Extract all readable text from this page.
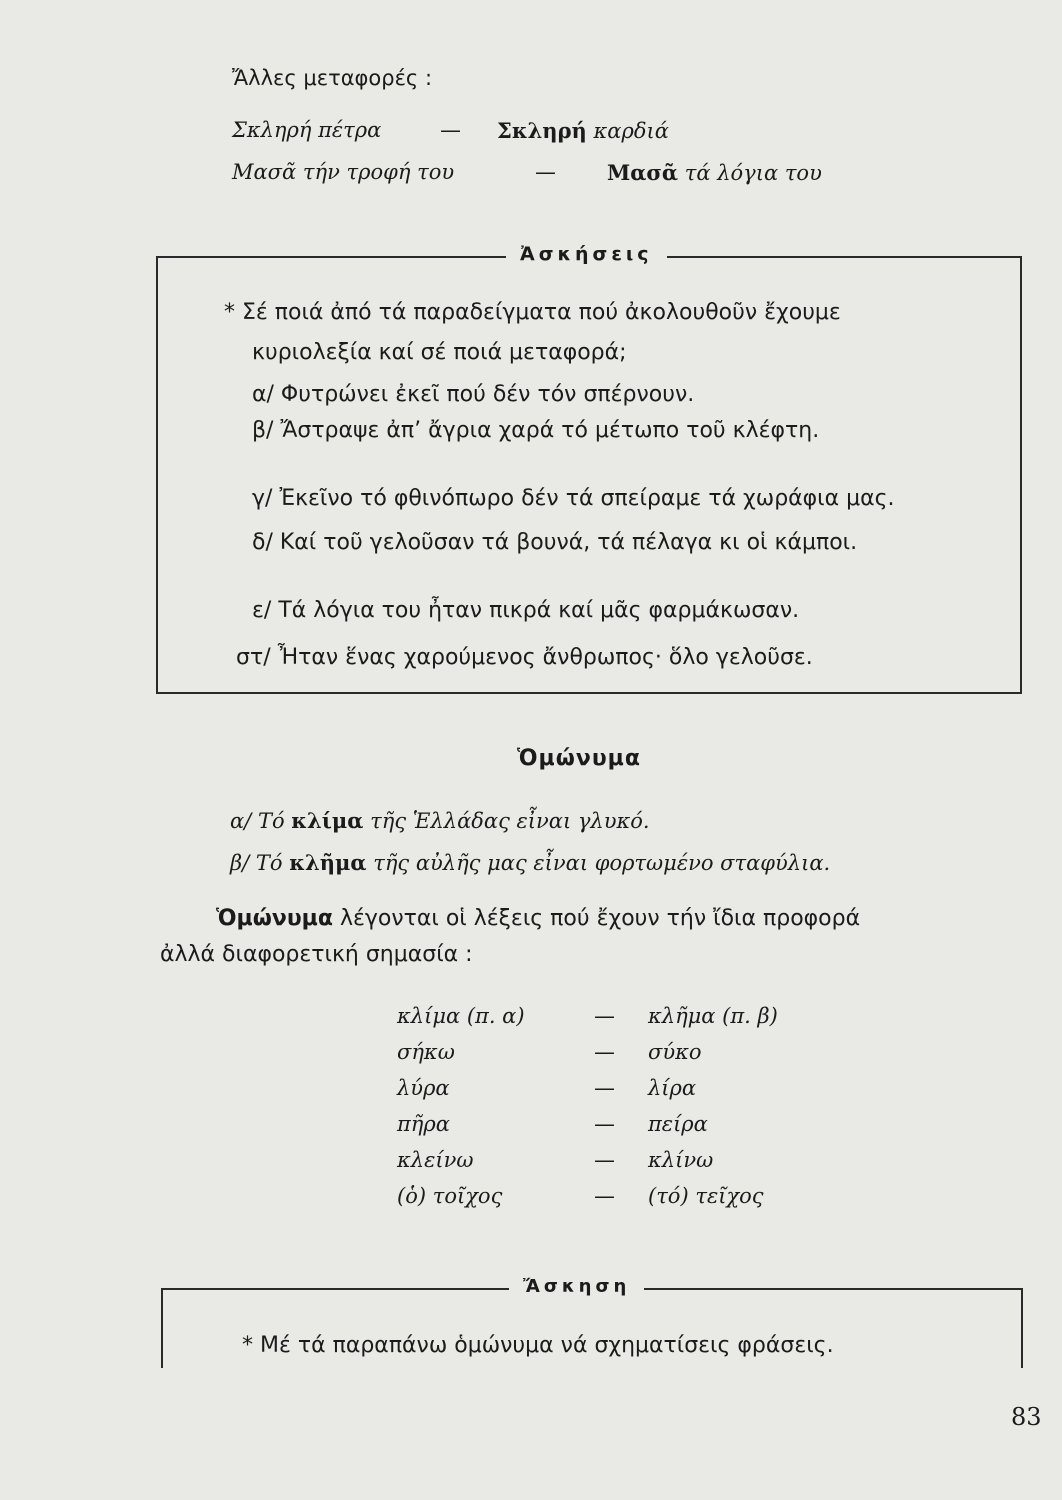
Ἄλλες μεταφορές :
Σκληρή πέτρα	— Σκληρή καρδιά
Μασᾶ τήν τροφή του	— Μασᾶ τά λόγια του
Ἀσκήσεις
* Σέ ποιά ἀπό τά παραδείγματα πού ἀκολουθοῦν ἔχουμε
κυριολεξία καί σέ ποιά μεταφορά;
α/ Φυτρώνει ἐκεῖ πού δέν τόν σπέρνουν.
β/ Ἄστραψε ἀπ’ ἄγρια χαρά τό μέτωπο τοῦ κλέφτη.
γ/ Ἐκεῖνο τό φθινόπωρο δέν τά σπείραμε τά χωράφια μας.
δ/ Καί τοῦ γελοῦσαν τά βουνά, τά πέλαγα κι οἱ κάμποι.
ε/ Τά λόγια του ἦταν πικρά καί μᾶς φαρμάκωσαν.
στ/ Ἦταν ἕνας χαρούμενος ἄνθρωπος· ὅλο γελοῦσε.
Ὁμώνυμα
α/ Τό κλίμα τῆς Ἑλλάδας εἶναι γλυκό.
β/ Τό κλῆμα τῆς αὐλῆς μας εἶναι φορτωμένο σταφύλια.
Ὁμώνυμα λέγονται οἱ λέξεις πού ἔχουν τήν ἴδια προφορά
ἀλλά διαφορετική σημασία :
κλίμα (π. α)	— κλῆμα (π. β)
σήκω	— σύκο
λύρα	— λίρα
πῆρα	— πείρα
κλείνω	— κλίνω
(ὁ) τοῖχος	— (τό) τεῖχος
Ἄσκηση
* Μέ τά παραπάνω ὁμώνυμα νά σχηματίσεις φράσεις.
83
